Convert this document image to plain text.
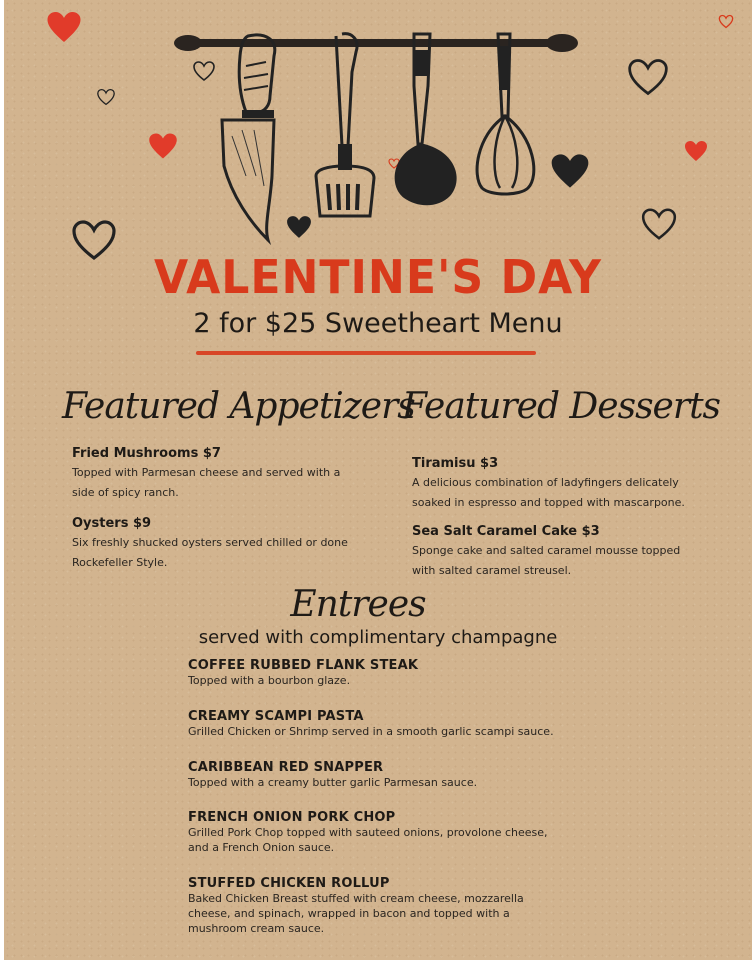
VALENTINE'S DAY
2 for $25 Sweetheart Menu
Featured Appetizers
Fried Mushrooms $7
Topped with Parmesan cheese and served with a side of spicy ranch.
Oysters $9
Six freshly shucked oysters served chilled or done Rockefeller Style.
Featured Desserts
Tiramisu $3
A delicious combination of ladyfingers delicately soaked in espresso and topped with mascarpone.
Sea Salt Caramel Cake $3
Sponge cake and salted caramel mousse topped with salted caramel streusel.
Entrees
served with complimentary champagne
COFFEE RUBBED FLANK STEAK
Topped with a bourbon glaze.
CREAMY SCAMPI PASTA
Grilled Chicken or Shrimp served in a smooth garlic scampi sauce.
CARIBBEAN RED SNAPPER
Topped with a creamy butter garlic Parmesan sauce.
FRENCH ONION PORK CHOP
Grilled Pork Chop topped with sauteed onions, provolone cheese, and a French Onion sauce.
STUFFED CHICKEN ROLLUP
Baked Chicken Breast stuffed with cream cheese, mozzarella cheese, and spinach, wrapped in bacon and topped with a mushroom cream sauce.
